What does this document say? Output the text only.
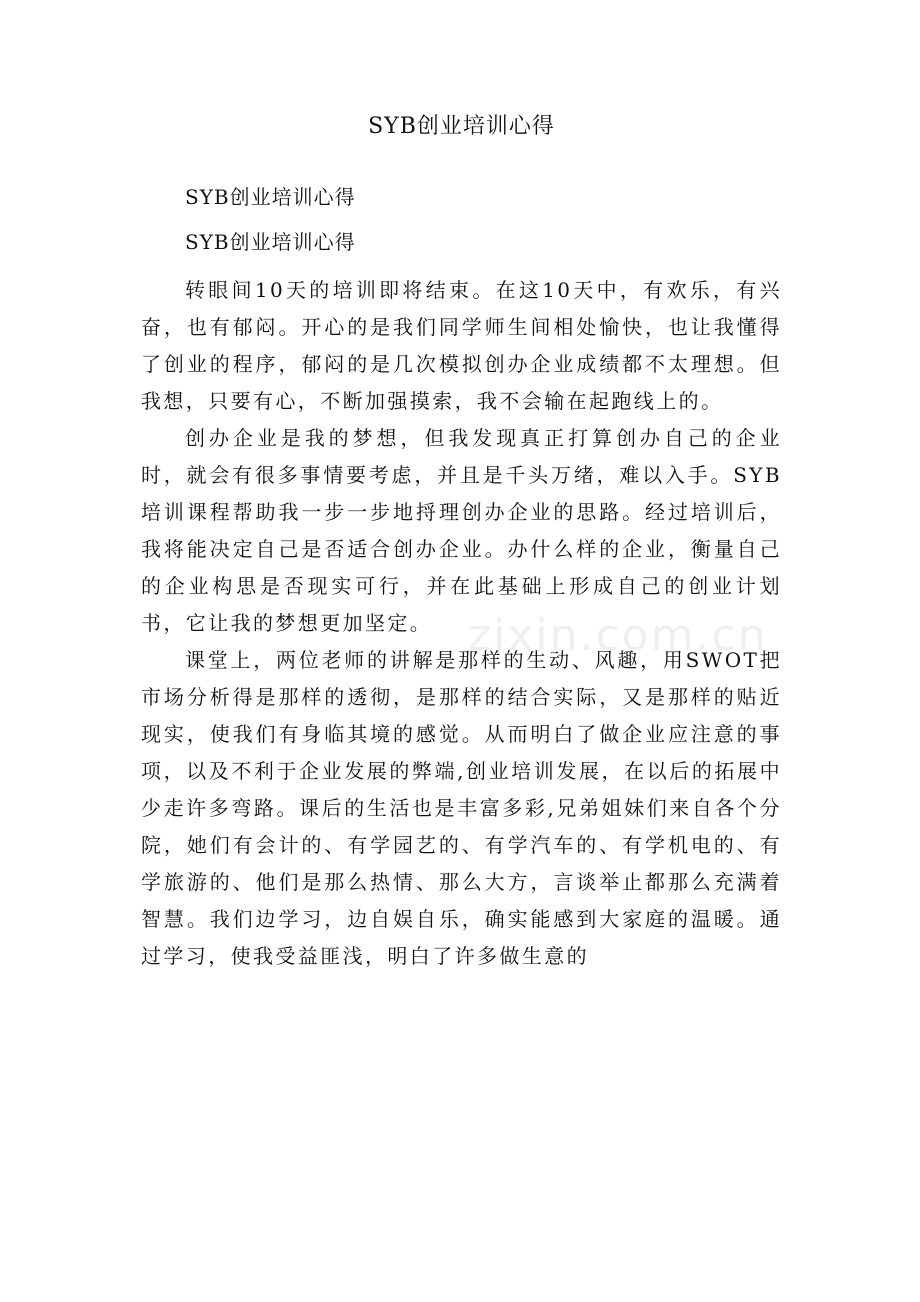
SYB创业培训心得

SYB创业培训心得

SYB创业培训心得

转眼间10天的培训即将结束。在这10天中，有欢乐，有兴奋，也有郁闷。开心的是我们同学师生间相处愉快，也让我懂得了创业的程序，郁闷的是几次模拟创办企业成绩都不太理想。但我想，只要有心，不断加强摸索，我不会输在起跑线上的。

创办企业是我的梦想，但我发现真正打算创办自己的企业时，就会有很多事情要考虑，并且是千头万绪，难以入手。SYB培训课程帮助我一步一步地捋理创办企业的思路。经过培训后，我将能决定自己是否适合创办企业。办什么样的企业，衡量自己的企业构思是否现实可行，并在此基础上形成自己的创业计划书，它让我的梦想更加坚定。

课堂上，两位老师的讲解是那样的生动、风趣，用SWOT把市场分析得是那样的透彻，是那样的结合实际，又是那样的贴近现实，使我们有身临其境的感觉。从而明白了做企业应注意的事项，以及不利于企业发展的弊端,创业培训发展，在以后的拓展中少走许多弯路。课后的生活也是丰富多彩,兄弟姐妹们来自各个分院，她们有会计的、有学园艺的、有学汽车的、有学机电的、有学旅游的、他们是那么热情、那么大方，言谈举止都那么充满着智慧。我们边学习，边自娱自乐，确实能感到大家庭的温暖。通过学习，使我受益匪浅，明白了许多做生意的

zixin.com.cn
